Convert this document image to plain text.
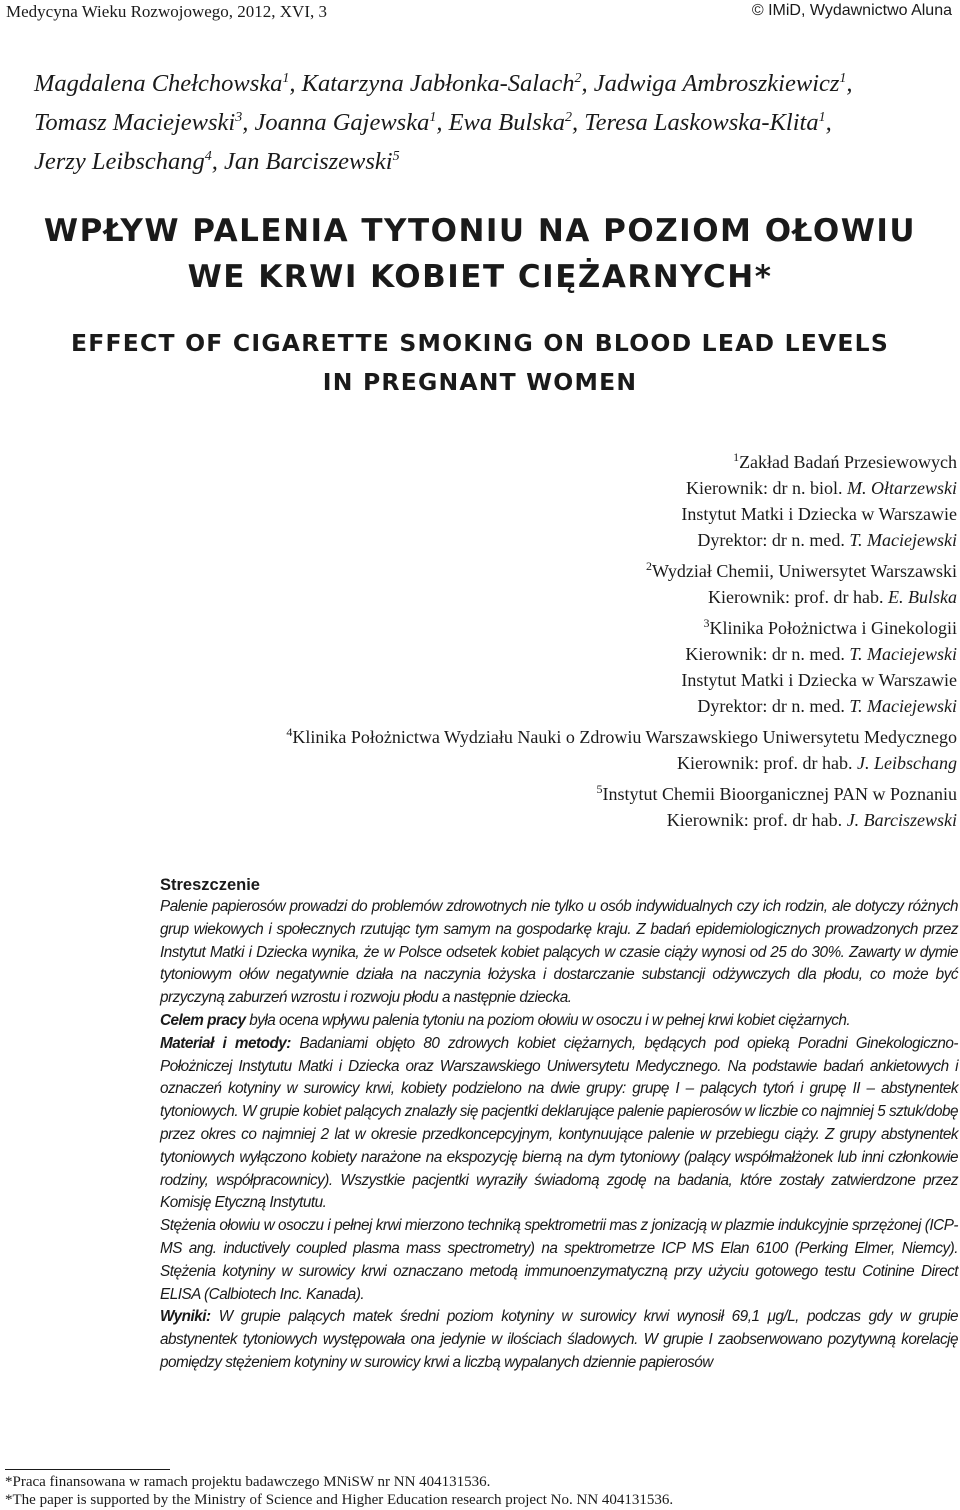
Medycyna Wieku Rozwojowego, 2012, XVI, 3	© IMiD, Wydawnictwo Aluna
Magdalena Chełchowska$^1$, Katarzyna Jabłonka-Salach$^2$, Jadwiga Ambroszkiewicz$^1$,
Tomasz Maciejewski$^3$, Joanna Gajewska$^1$, Ewa Bulska$^2$, Teresa Laskowska-Klita$^1$,
Jerzy Leibschang$^4$, Jan Barciszewski$^5$
WPŁYW PALENIA TYTONIU NA POZIOM OŁOWIU
WE KRWI KOBIET CIĘŻARNYCH*
EFFECT OF CIGARETTE SMOKING ON BLOOD LEAD LEVELS
IN PREGNANT WOMEN
$^1$Zakład Badań Przesiewowych
Kierownik: dr n. biol. M. Ołtarzewski
Instytut Matki i Dziecka w Warszawie
Dyrektor: dr n. med. T. Maciejewski
$^2$Wydział Chemii, Uniwersytet Warszawski
Kierownik: prof. dr hab. E. Bulska
$^3$Klinika Położnictwa i Ginekologii
Kierownik: dr n. med. T. Maciejewski
Instytut Matki i Dziecka w Warszawie
Dyrektor: dr n. med. T. Maciejewski
$^4$Klinika Położnictwa Wydziału Nauki o Zdrowiu Warszawskiego Uniwersytetu Medycznego
Kierownik: prof. dr hab. J. Leibschang
$^5$Instytut Chemii Bioorganicznej PAN w Poznaniu
Kierownik: prof. dr hab. J. Barciszewski
Streszczenie

Palenie papierosów prowadzi do problemów zdrowotnych nie tylko u osób indywidualnych czy ich rodzin, ale dotyczy różnych grup wiekowych i społecznych rzutując tym samym na gospodarkę kraju. Z badań epidemiologicznych prowadzonych przez Instytut Matki i Dziecka wynika, że w Polsce odsetek kobiet palących w czasie ciąży wynosi od 25 do 30%. Zawarty w dymie tytoniowym ołów negatywnie działa na naczynia łożyska i dostarczanie substancji odżywczych dla płodu, co może być przyczyną zaburzeń wzrostu i rozwoju płodu a następnie dziecka.

Celem pracy była ocena wpływu palenia tytoniu na poziom ołowiu w osoczu i w pełnej krwi kobiet ciężarnych.

Materiał i metody: Badaniami objęto 80 zdrowych kobiet ciężarnych, będących pod opieką Poradni Ginekologiczno-Położniczej Instytutu Matki i Dziecka oraz Warszawskiego Uniwersytetu Medycznego. Na podstawie badań ankietowych i oznaczeń kotyniny w surowicy krwi, kobiety podzielono na dwie grupy: grupę I – palących tytoń i grupę II – abstynentek tytoniowych. W grupie kobiet palących znalazły się pacjentki deklarujące palenie papierosów w liczbie co najmniej 5 sztuk/dobę przez okres co najmniej 2 lat w okresie przedkoncepcyjnym, kontynuujące palenie w przebiegu ciąży. Z grupy abstynentek tytoniowych wyłączono kobiety narażone na ekspozycję bierną na dym tytoniowy (palący współmałżonek lub inni członkowie rodziny, współpracownicy). Wszystkie pacjentki wyraziły świadomą zgodę na badania, które zostały zatwierdzone przez Komisję Etyczną Instytutu.

Stężenia ołowiu w osoczu i pełnej krwi mierzono techniką spektrometrii mas z jonizacją w plazmie indukcyjnie sprzężonej (ICP-MS ang. inductively coupled plasma mass spectrometry) na spektrometrze ICP MS Elan 6100 (Perking Elmer, Niemcy). Stężenia kotyniny w surowicy krwi oznaczano metodą immunoenzymatyczną przy użyciu gotowego testu Cotinine Direct ELISA (Calbiotech Inc. Kanada).

Wyniki: W grupie palących matek średni poziom kotyniny w surowicy krwi wynosił 69,1 μg/L, podczas gdy w grupie abstynentek tytoniowych występowała ona jedynie w ilościach śladowych. W grupie I zaobserwowano pozytywną korelację pomiędzy stężeniem kotyniny w surowicy krwi a liczbą wypalanych dziennie papierosów

*Praca finansowana w ramach projektu badawczego MNiSW nr NN 404131536.
*The paper is supported by the Ministry of Science and Higher Education research project No. NN 404131536.
